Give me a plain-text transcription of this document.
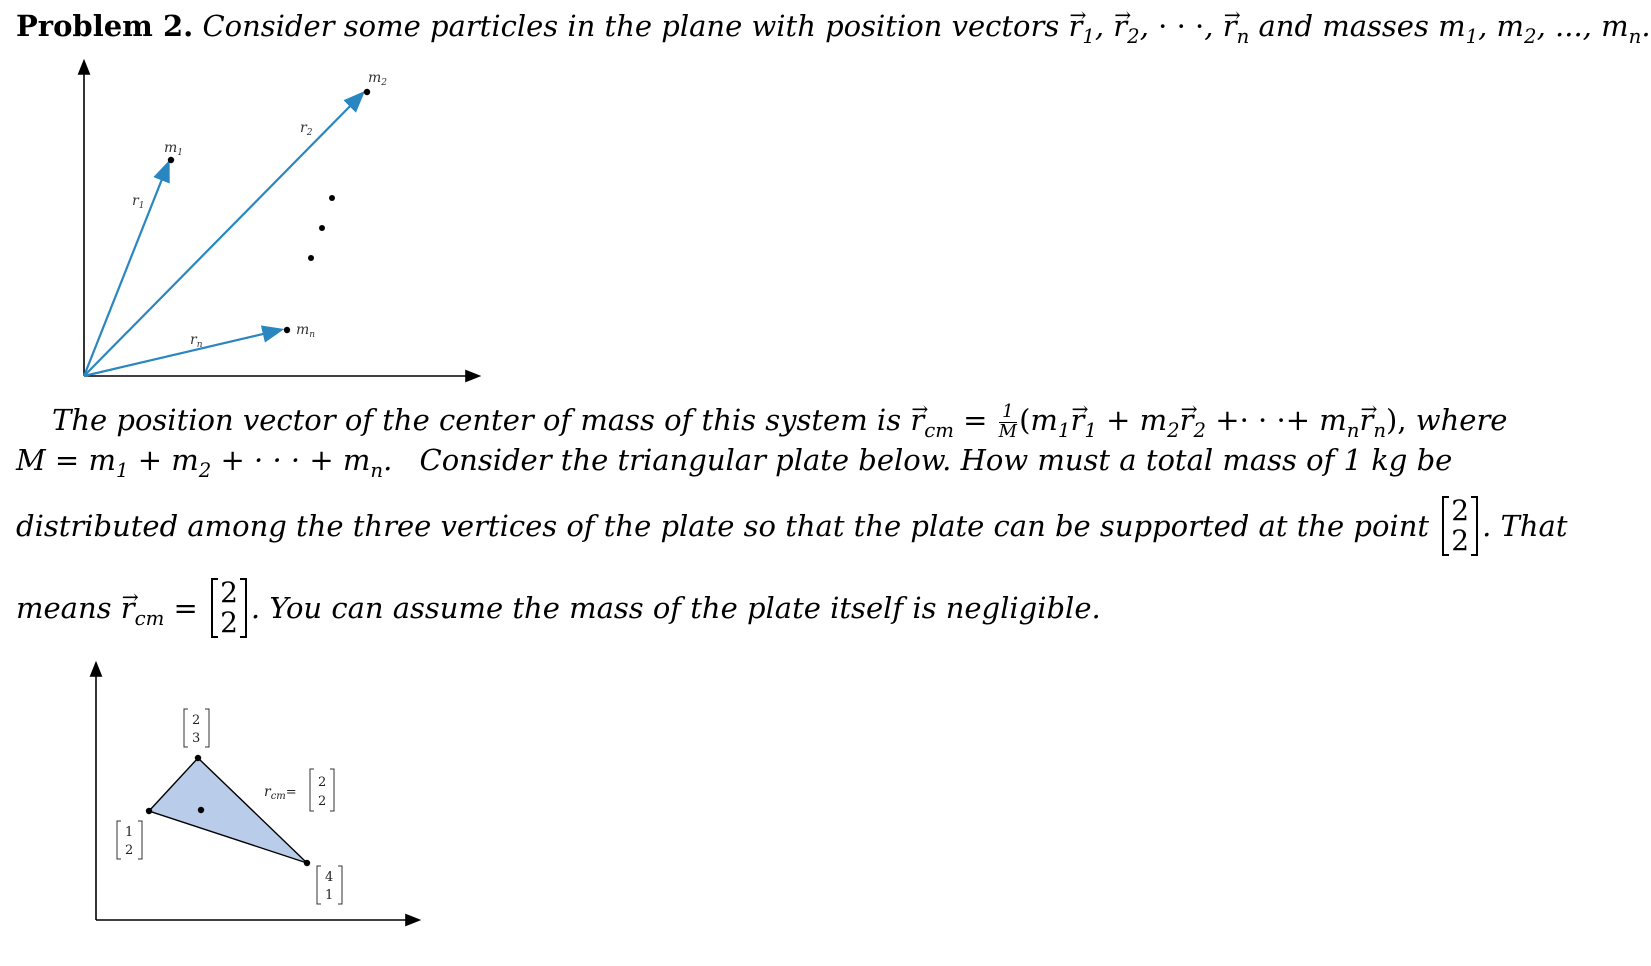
Problem 2. Consider some particles in the plane with position vectors → $r_1$, → $r_2$, · · ·, → $r_n$ and masses $m_1$, $m_2$, ..., $m_n$.
$m_1$
$m_2$
$m_n$
$r_1$
$r_2$
$r_n$
The position vector of the center of mass of this system is → $r_{cm} = \frac{1}{M} (m_1\to r_1 + m_2\to r_2$ +· · ·+ $m_n\to r_n$), where
$M = m_1 + m_2$ + · · · + $m_n$. Consider the triangular plate below. How must a total mass of 1 kg be
distributed among the three vertices of the plate so that the plate can be supported at the point 2
2 . That
means → $r_{cm} = 2$
2 . You can assume the mass of the plate itself is negligible.
1
2
2
3
4
1
$r_{cm}=$
2
2
